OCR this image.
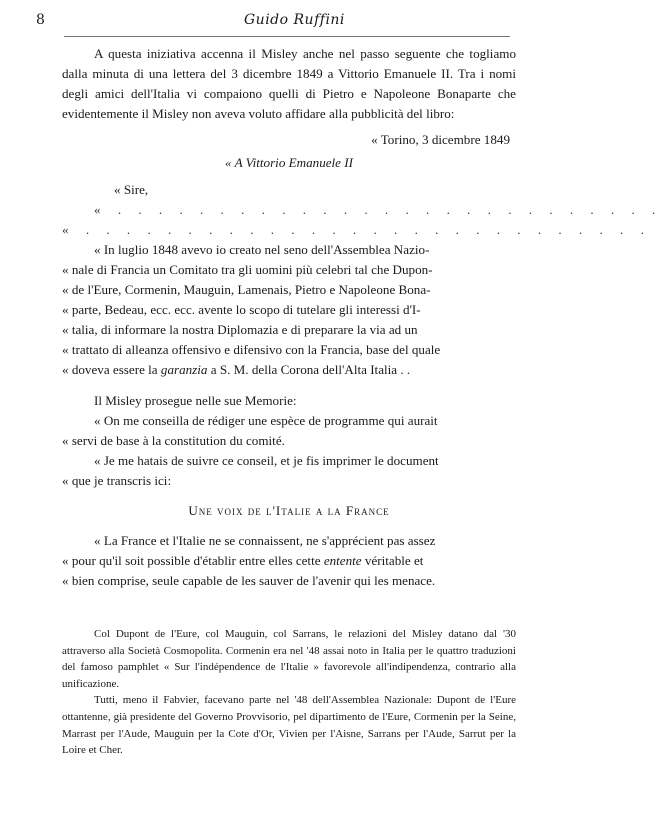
8	Guido Ruffini

A questa iniziativa accenna il Misley anche nel passo seguente che togliamo dalla minuta di una lettera del 3 dicembre 1849 a Vittorio Emanuele II. Tra i nomi degli amici dell'Italia vi compaiono quelli di Pietro e Napoleone Bonaparte che evidentemente il Misley non aveva voluto affidare alla pubblicità del libro:

« Torino, 3 dicembre 1849

« A Vittorio Emanuele II

« Sire,

« . . . . . . . . . . . . . . . . . . . . . . . . . . .

« . . . . . . . . . . . . . . . . . . . . . . . . . . . .

« In luglio 1848 avevo io creato nel seno dell'Assemblea Nazio-

« nale di Francia un Comitato tra gli uomini più celebri tal che Dupon-

« de l'Eure, Cormenin, Mauguin, Lamenais, Pietro e Napoleone Bona-

« parte, Bedeau, ecc. ecc. avente lo scopo di tutelare gli interessi d'I-

« talia, di informare la nostra Diplomazia e di preparare la via ad un

« trattato di alleanza offensivo e difensivo con la Francia, base del quale

« doveva essere la garanzia a S. M. della Corona dell'Alta Italia . .

Il Misley prosegue nelle sue Memorie:

« On me conseilla de rédiger une espèce de programme qui aurait

« servi de base à la constitution du comité.

« Je me hatais de suivre ce conseil, et je fis imprimer le document

« que je transcris ici:

Une voix de l'Italie a la France

« La France et l'Italie ne se connaissent, ne s'apprécient pas assez

« pour qu'il soit possible d'établir entre elles cette entente véritable et

« bien comprise, seule capable de les sauver de l'avenir qui les menace.

Col Dupont de l'Eure, col Mauguin, col Sarrans, le relazioni del Misley datano dal '30 attraverso alla Società Cosmopolita. Cormenin era nel '48 assai noto in Italia per le quattro traduzioni del famoso pamphlet « Sur l'indépendence de l'Italie » favorevole all'indipendenza, contrario alla unificazione.

Tutti, meno il Fabvier, facevano parte nel '48 dell'Assemblea Nazionale: Dupont de l'Eure ottantenne, già presidente del Governo Provvisorio, pel dipartimento de l'Eure, Cormenin per la Seine, Marrast per l'Aude, Mauguin per la Cote d'Or, Vivien per l'Aisne, Sarrans per l'Aude, Sarrut per la Loire et Cher.
